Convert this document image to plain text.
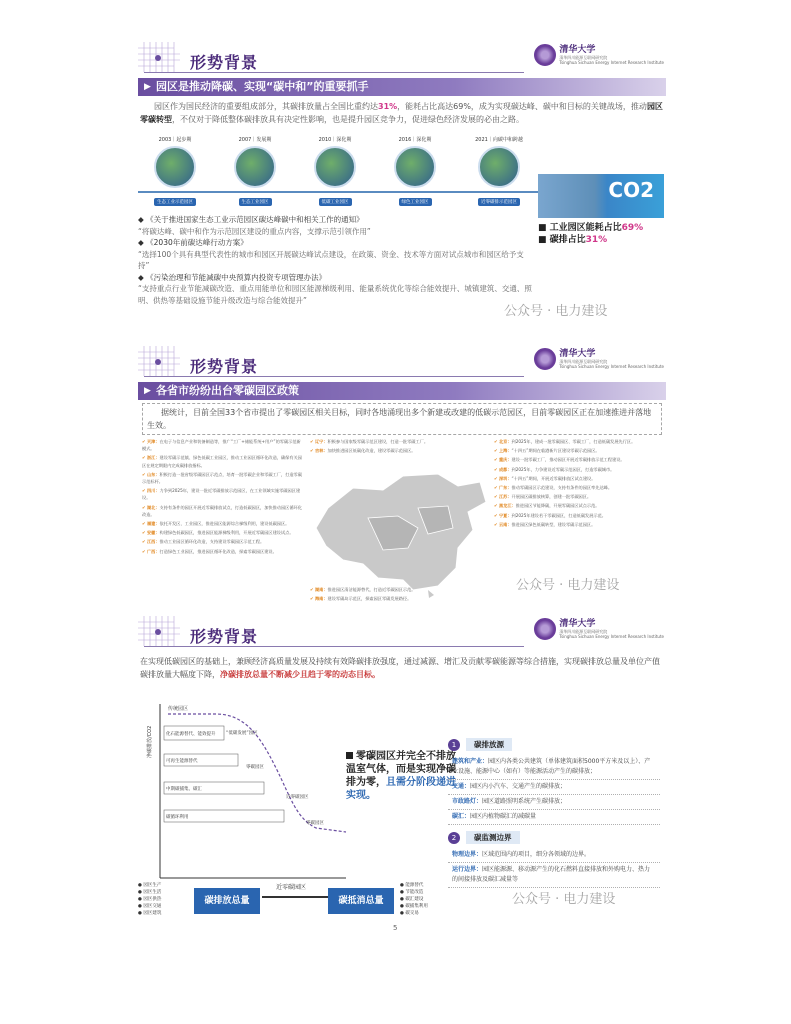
形势背景
清华大学
清华四川能源互联网研究院
Tsinghua Sichuan Energy Internet Research Institute
▶ 园区是推动降碳、实现“碳中和”的重要抓手
园区作为国民经济的重要组成部分，其碳排放量占全国比重约达31%，能耗占比高达69%，成为实现碳达峰、碳中和目标的关键战场，推动园区零碳转型，不仅对于降低整体碳排放具有决定性影响，也是提升园区竞争力，促进绿色经济发展的必由之路。
2003｜起步期
生态工业示范园区
2007｜发展期
生态工业园区
2010｜深化期
低碳工业园区
2016｜深化期
绿色工业园区
2021｜向碳中和跨越
近零碳排示范园区
CO2
■ 工业园区能耗占比69%
■ 碳排占比31%
◆ 《关于推进国家生态工业示范园区碳达峰碳中和相关工作的通知》
“将碳达峰、碳中和作为示范园区建设的重点内容，支撑示范引领作用”
◆ 《2030年前碳达峰行动方案》
“选择100个具有典型代表性的城市和园区开展碳达峰试点建设，在政策、资金、技术等方面对试点城市和园区给予支持”
◆ 《污染治理和节能减碳中央预算内投资专项管理办法》
“支持重点行业节能减碳改造、重点用能单位和园区能源梯级利用、能量系统优化等综合能效提升、城镇建筑、交通、照明、供热等基础设施节能升级改造与综合能效提升”
公众号 · 电力建设
形势背景
清华大学
清华四川能源互联网研究院
Tsinghua Sichuan Energy Internet Research Institute
▶ 各省市纷纷出台零碳园区政策
据统计，目前全国33个省市提出了零碳园区相关目标，同时各地涌现出多个新建或改建的低碳示范园区，目前零碳园区正在加速推进并落地生效。

✔ 天津：在电子与信息产业和装备制造等，推广“工厂+储能系统+用户”的零碳示范新模式。

✔ 浙江：建设零碳示范镇、绿色低碳工业园区，推动工业园区循环化改造，确保有关园区在规定期限内完成碳排放指标。

✔ 山东：积极打造一批省级零碳园区示范点，培育一批零碳企业和零碳工厂，打造零碳示范标杆。

✔ 四川：力争到2025年，建设一批近零碳排放示范园区，在工业领域实施零碳园区建设。

✔ 湖北：支持有条件的园区开展近零碳排放试点，打造低碳园区，加快推动园区循环化改造。

✔ 福建：依托开发区、工业园区，推进园区能源综合梯级利用，建设低碳园区。

✔ 安徽：构建绿色低碳园区，推进园区能源梯级利用，开展近零碳园区建设试点。

✔ 江西：推动工业园区循环化改造，支持建设零碳园区示范工程。

✔ 广西：打造绿色工业园区，推进园区循环化改造，探索零碳园区建设。

✔ 辽宁：积极参与国家级零碳示范区建设，打造一批零碳工厂。

✔ 吉林：加快推进园区低碳化改造，建设零碳示范园区。

✔ 湖南：推进园区清洁能源替代，打造近零碳园区示范。

✔ 海南：建设零碳岛示范区，探索园区零碳发展路径。

✔ 北京：到2025年，建成一批零碳园区、零碳工厂，打造低碳发展先行区。

✔ 上海：“十四五”期间在临港新片区建设零碳示范园区。

✔ 重庆：建设一批零碳工厂，推动园区开展近零碳排放示范工程建设。

✔ 成都：到2025年，力争建设近零碳示范园区，打造零碳城市。

✔ 深圳：“十四五”期间，开展近零碳排放区试点建设。

✔ 广东：推动零碳园区示范建设，支持有条件的园区率先达峰。

✔ 江苏：开展园区碳排放核算，创建一批零碳园区。

✔ 黑龙江：推进园区节能降碳，开展零碳园区试点示范。

✔ 宁夏：到2025年建设若干零碳园区，打造低碳发展示范。

✔ 云南：推进园区绿色低碳转型，建设零碳示范园区。

公众号 · 电力建设
形势背景
清华大学
清华四川能源互联网研究院
Tsinghua Sichuan Energy Internet Research Institute
在实现低碳园区的基础上，兼顾经济高质量发展及持续有效降碳排放强度，通过减源、增汇及贡献零碳能源等综合措施，实现碳排放总量及单位产值碳排放量大幅度下降，净碳排放总量不断减少且趋于零的动态目标。
净碳排放/CO2
传统园区
化石能源替代、能效提升 “低碳发展”园区
可再生能源替代
零碳园区
中期碳捕集、碳汇
近零碳园区
碳循环利用
零碳园区
零碳园区并完全不排放温室气体，而是实现净碳排为零，且需分阶段递进实现。
● 园区生产
● 园区生活
● 园区供热
● 园区交通
● 园区建筑
碳排放总量
近零碳园区
碳抵消总量
● 能源替代
● 节能改造
● 碳汇建设
● 碳捕集利用
● 碳交易
1	碳排放源
建筑和产业：园区内各类公共建筑（单体建筑面积5000平方米及以上）、产业设施、能源中心（如有）等能源活动产生的碳排放；
交通：园区内小汽车、交通产生的碳排放；
市政路灯：园区道路照明系统产生碳排放；
碳汇：园区内植物碳汇的减碳量
2	碳监测边界
物理边界：区域范围内的项目，细分各领域的边界。
运行边界：园区能源源、移动源产生的化石燃料直接排放和外购电力、热力的间接排放及碳汇减量等
公众号 · 电力建设
5
